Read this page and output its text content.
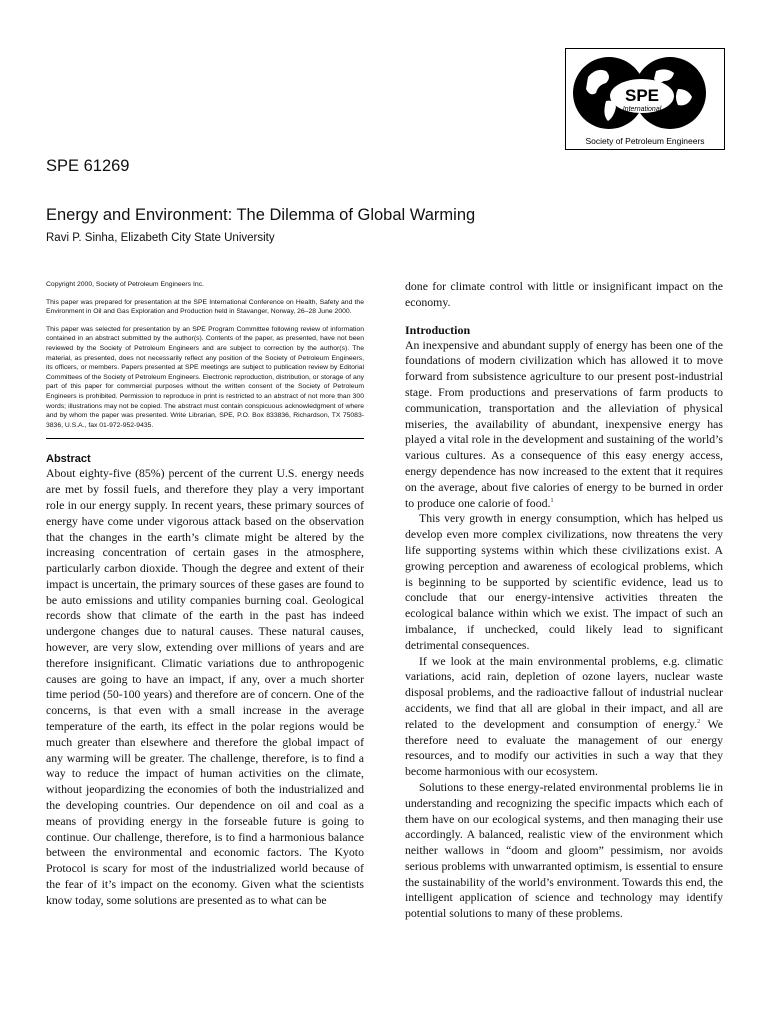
SPE
International
Society of Petroleum Engineers
SPE 61269
Energy and Environment: The Dilemma of Global Warming
Ravi P. Sinha, Elizabeth City State University

Copyright 2000, Society of Petroleum Engineers Inc.

This paper was prepared for presentation at the SPE International Conference on Health, Safety and the Environment in Oil and Gas Exploration and Production held in Stavanger, Norway, 26–28 June 2000.

This paper was selected for presentation by an SPE Program Committee following review of information contained in an abstract submitted by the author(s). Contents of the paper, as presented, have not been reviewed by the Society of Petroleum Engineers and are subject to correction by the author(s). The material, as presented, does not necessarily reflect any position of the Society of Petroleum Engineers, its officers, or members. Papers presented at SPE meetings are subject to publication review by Editorial Committees of the Society of Petroleum Engineers. Electronic reproduction, distribution, or storage of any part of this paper for commercial purposes without the written consent of the Society of Petroleum Engineers is prohibited. Permission to reproduce in print is restricted to an abstract of not more than 300 words; illustrations may not be copied. The abstract must contain conspicuous acknowledgment of where and by whom the paper was presented. Write Librarian, SPE, P.O. Box 833836, Richardson, TX 75083-3836, U.S.A., fax 01-972-952-9435.

Abstract

About eighty-five (85%) percent of the current U.S. energy needs are met by fossil fuels, and therefore they play a very important role in our energy supply. In recent years, these primary sources of energy have come under vigorous attack based on the observation that the changes in the earth’s climate might be altered by the increasing concentration of certain gases in the atmosphere, particularly carbon dioxide. Though the degree and extent of their impact is uncertain, the primary sources of these gases are found to be auto emissions and utility companies burning coal. Geological records show that climate of the earth in the past has indeed undergone changes due to natural causes. These natural causes, however, are very slow, extending over millions of years and are therefore insignificant. Climatic variations due to anthropogenic causes are going to have an impact, if any, over a much shorter time period (50-100 years) and therefore are of concern. One of the concerns, is that even with a small increase in the average temperature of the earth, its effect in the polar regions would be much greater than elsewhere and therefore the global impact of any warming will be greater. The challenge, therefore, is to find a way to reduce the impact of human activities on the climate, without jeopardizing the economies of both the industrialized and the developing countries. Our dependence on oil and coal as a means of providing energy in the forseable future is going to continue. Our challenge, therefore, is to find a harmonious balance between the environmental and economic factors. The Kyoto Protocol is scary for most of the industrialized world because of the fear of it’s impact on the economy. Given what the scientists know today, some solutions are presented as to what can be

done for climate control with little or insignificant impact on the economy.

Introduction

An inexpensive and abundant supply of energy has been one of the foundations of modern civilization which has allowed it to move forward from subsistence agriculture to our present post-industrial stage. From productions and preservations of farm products to communication, transportation and the alleviation of physical miseries, the availability of abundant, inexpensive energy has played a vital role in the development and sustaining of the world’s various cultures. As a consequence of this easy energy access, energy dependence has now increased to the extent that it requires on the average, about five calories of energy to be burned in order to produce one calorie of food.$^1$

This very growth in energy consumption, which has helped us develop even more complex civilizations, now threatens the very life supporting systems within which these civilizations exist. A growing perception and awareness of ecological problems, which is beginning to be supported by scientific evidence, lead us to conclude that our energy-intensive activities threaten the ecological balance within which we exist. The impact of such an imbalance, if unchecked, could likely lead to significant detrimental consequences.

If we look at the main environmental problems, e.g. climatic variations, acid rain, depletion of ozone layers, nuclear waste disposal problems, and the radioactive fallout of industrial nuclear accidents, we find that all are global in their impact, and all are related to the development and consumption of energy.$^2$ We therefore need to evaluate the management of our energy resources, and to modify our activities in such a way that they become harmonious with our ecosystem.

Solutions to these energy-related environmental problems lie in understanding and recognizing the specific impacts which each of them have on our ecological systems, and then managing their use accordingly. A balanced, realistic view of the environment which neither wallows in “doom and gloom” pessimism, nor avoids serious problems with unwarranted optimism, is essential to ensure the sustainability of the world’s environment. Towards this end, the intelligent application of science and technology may identify potential solutions to many of these problems.
